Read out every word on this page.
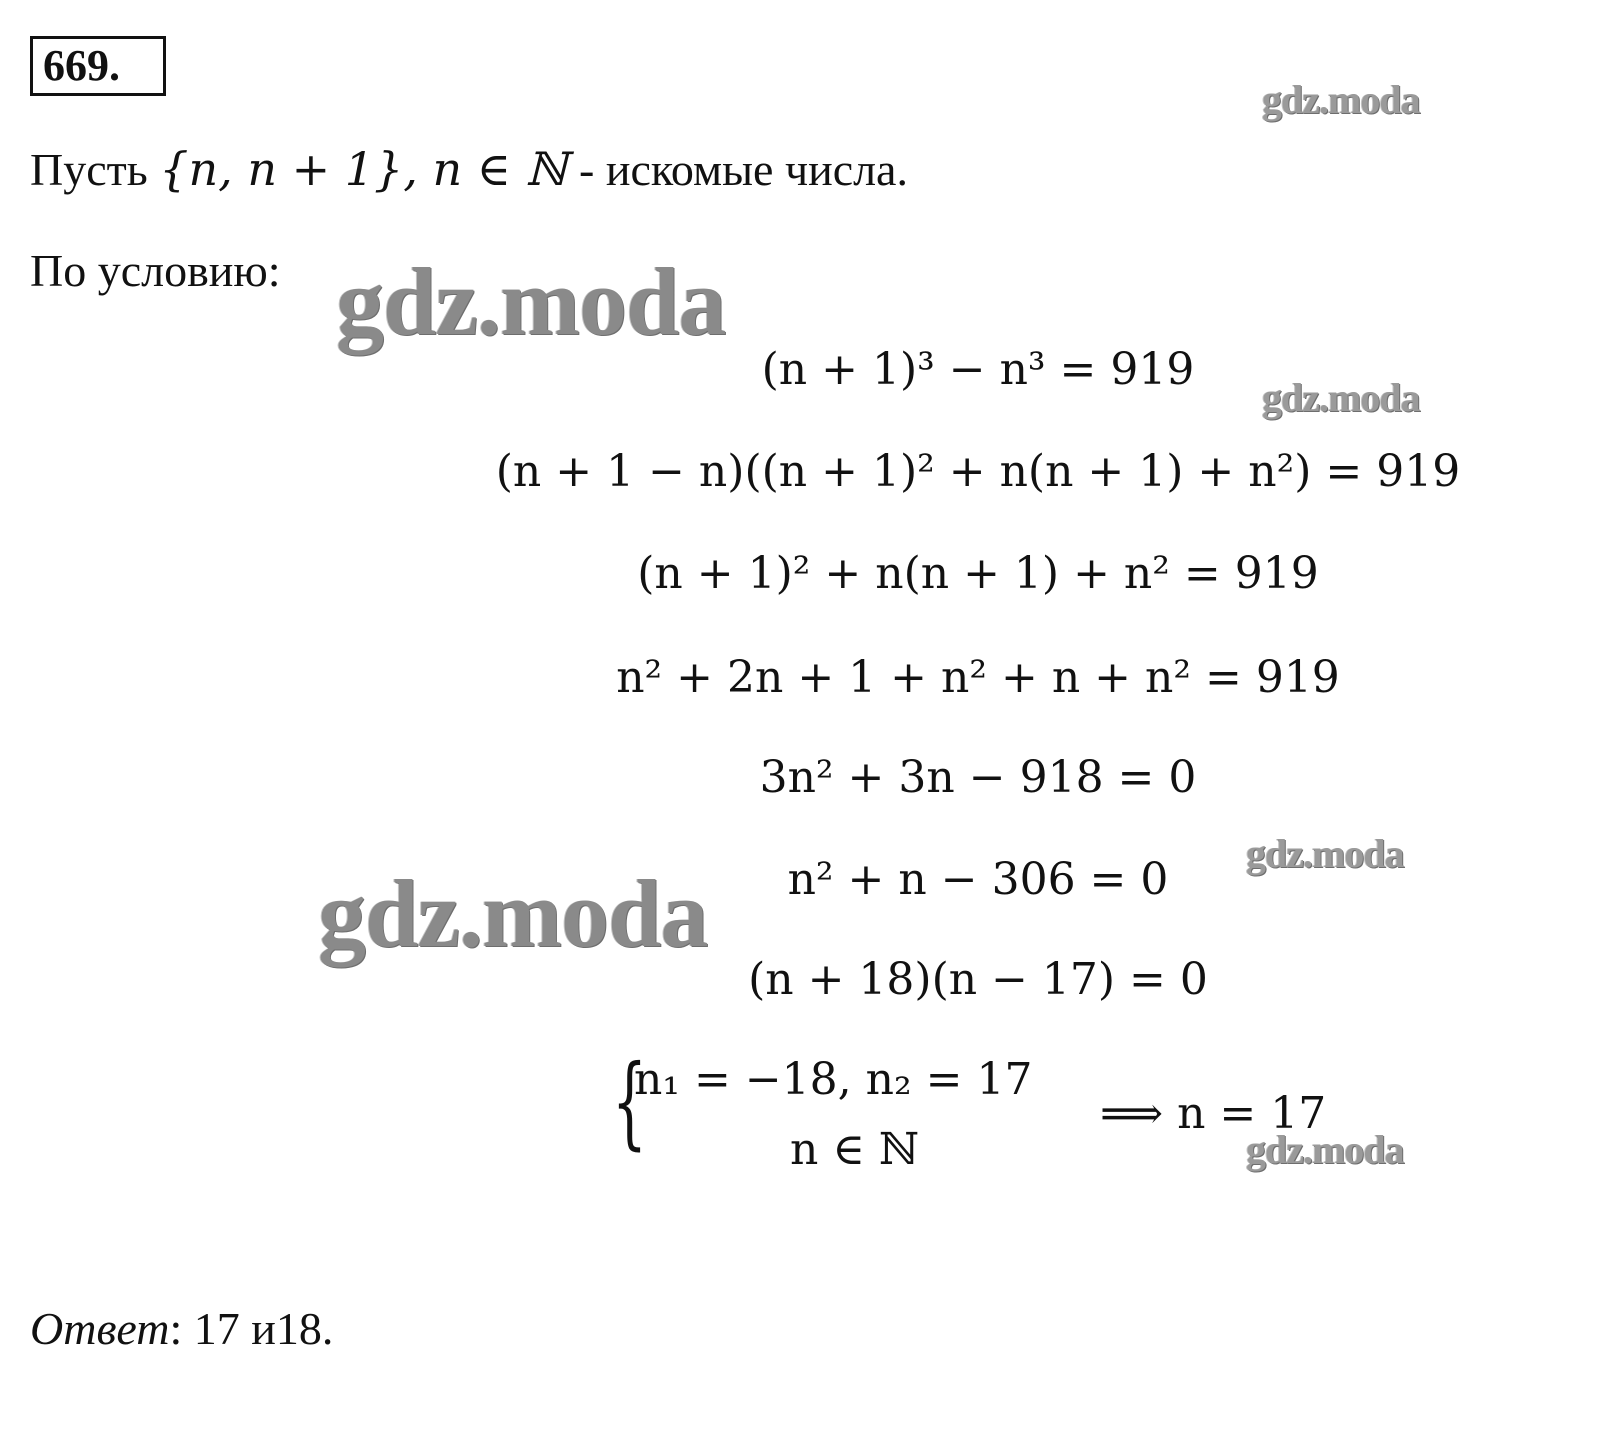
669.
Пусть {n, n + 1}, n ∈ ℕ - искомые числа.
По условию:
(n + 1)³ − n³ = 919
(n + 1 − n)((n + 1)² + n(n + 1) + n²) = 919
(n + 1)² + n(n + 1) + n² = 919
n² + 2n + 1 + n² + n + n² = 919
3n² + 3n − 918 = 0
n² + n − 306 = 0
(n + 18)(n − 17) = 0
{
n₁ = −18, n₂ = 17
n ∈ ℕ
⟹ n = 17
Ответ: 17 и18.
gdz.moda
gdz.moda
gdz.moda
gdz.moda
gdz.moda
gdz.moda
